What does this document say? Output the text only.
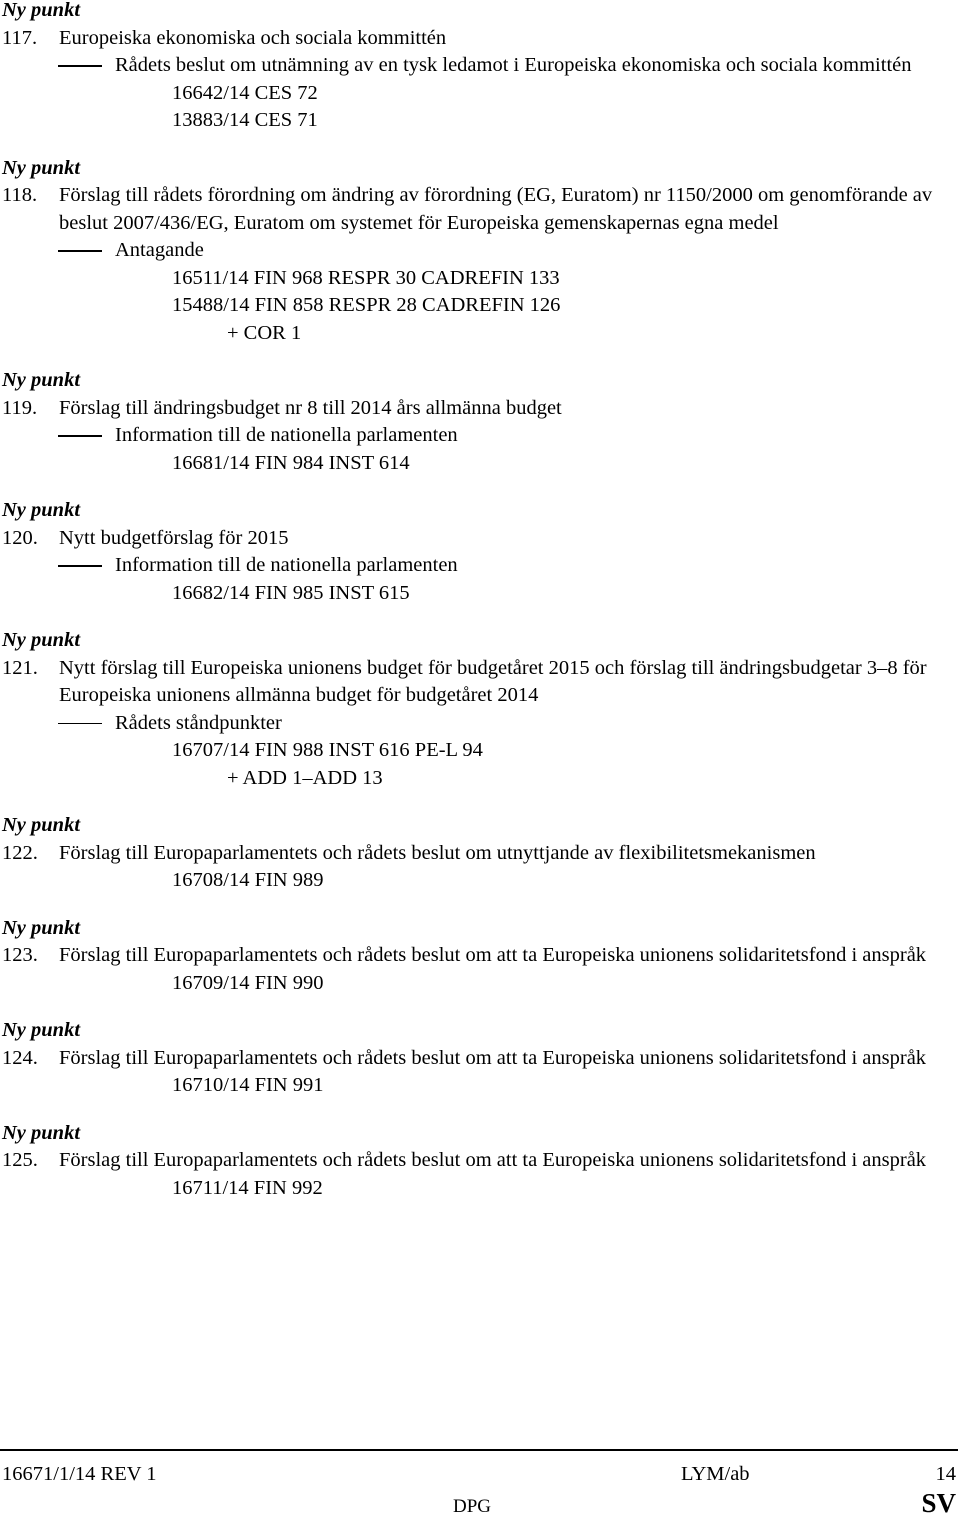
Ny punkt
117.	Europeiska ekonomiska och sociala kommittén
Rådets beslut om utnämning av en tysk ledamot i Europeiska ekonomiska och sociala kommittén
16642/14 CES 72
13883/14 CES 71
Ny punkt
118.	Förslag till rådets förordning om ändring av förordning (EG, Euratom) nr 1150/2000 om genomförande av beslut 2007/436/EG, Euratom om systemet för Europeiska gemenskapernas egna medel
Antagande
16511/14 FIN 968 RESPR 30 CADREFIN 133
15488/14 FIN 858 RESPR 28 CADREFIN 126
+ COR 1
Ny punkt
119.	Förslag till ändringsbudget nr 8 till 2014 års allmänna budget
Information till de nationella parlamenten
16681/14 FIN 984 INST 614
Ny punkt
120.	Nytt budgetförslag för 2015
Information till de nationella parlamenten
16682/14 FIN 985 INST 615
Ny punkt
121.	Nytt förslag till Europeiska unionens budget för budgetåret 2015 och förslag till ändringsbudgetar 3–8 för Europeiska unionens allmänna budget för budgetåret 2014
Rådets ståndpunkter
16707/14 FIN 988 INST 616 PE-L 94
+ ADD 1–ADD 13
Ny punkt
122.	Förslag till Europaparlamentets och rådets beslut om utnyttjande av flexibilitetsmekanismen
16708/14 FIN 989
Ny punkt
123.	Förslag till Europaparlamentets och rådets beslut om att ta Europeiska unionens solidaritetsfond i anspråk
16709/14 FIN 990
Ny punkt
124.	Förslag till Europaparlamentets och rådets beslut om att ta Europeiska unionens solidaritetsfond i anspråk
16710/14 FIN 991
Ny punkt
125.	Förslag till Europaparlamentets och rådets beslut om att ta Europeiska unionens solidaritetsfond i anspråk
16711/14 FIN 992
16671/1/14 REV 1	LYM/ab	14
DPG	SV
